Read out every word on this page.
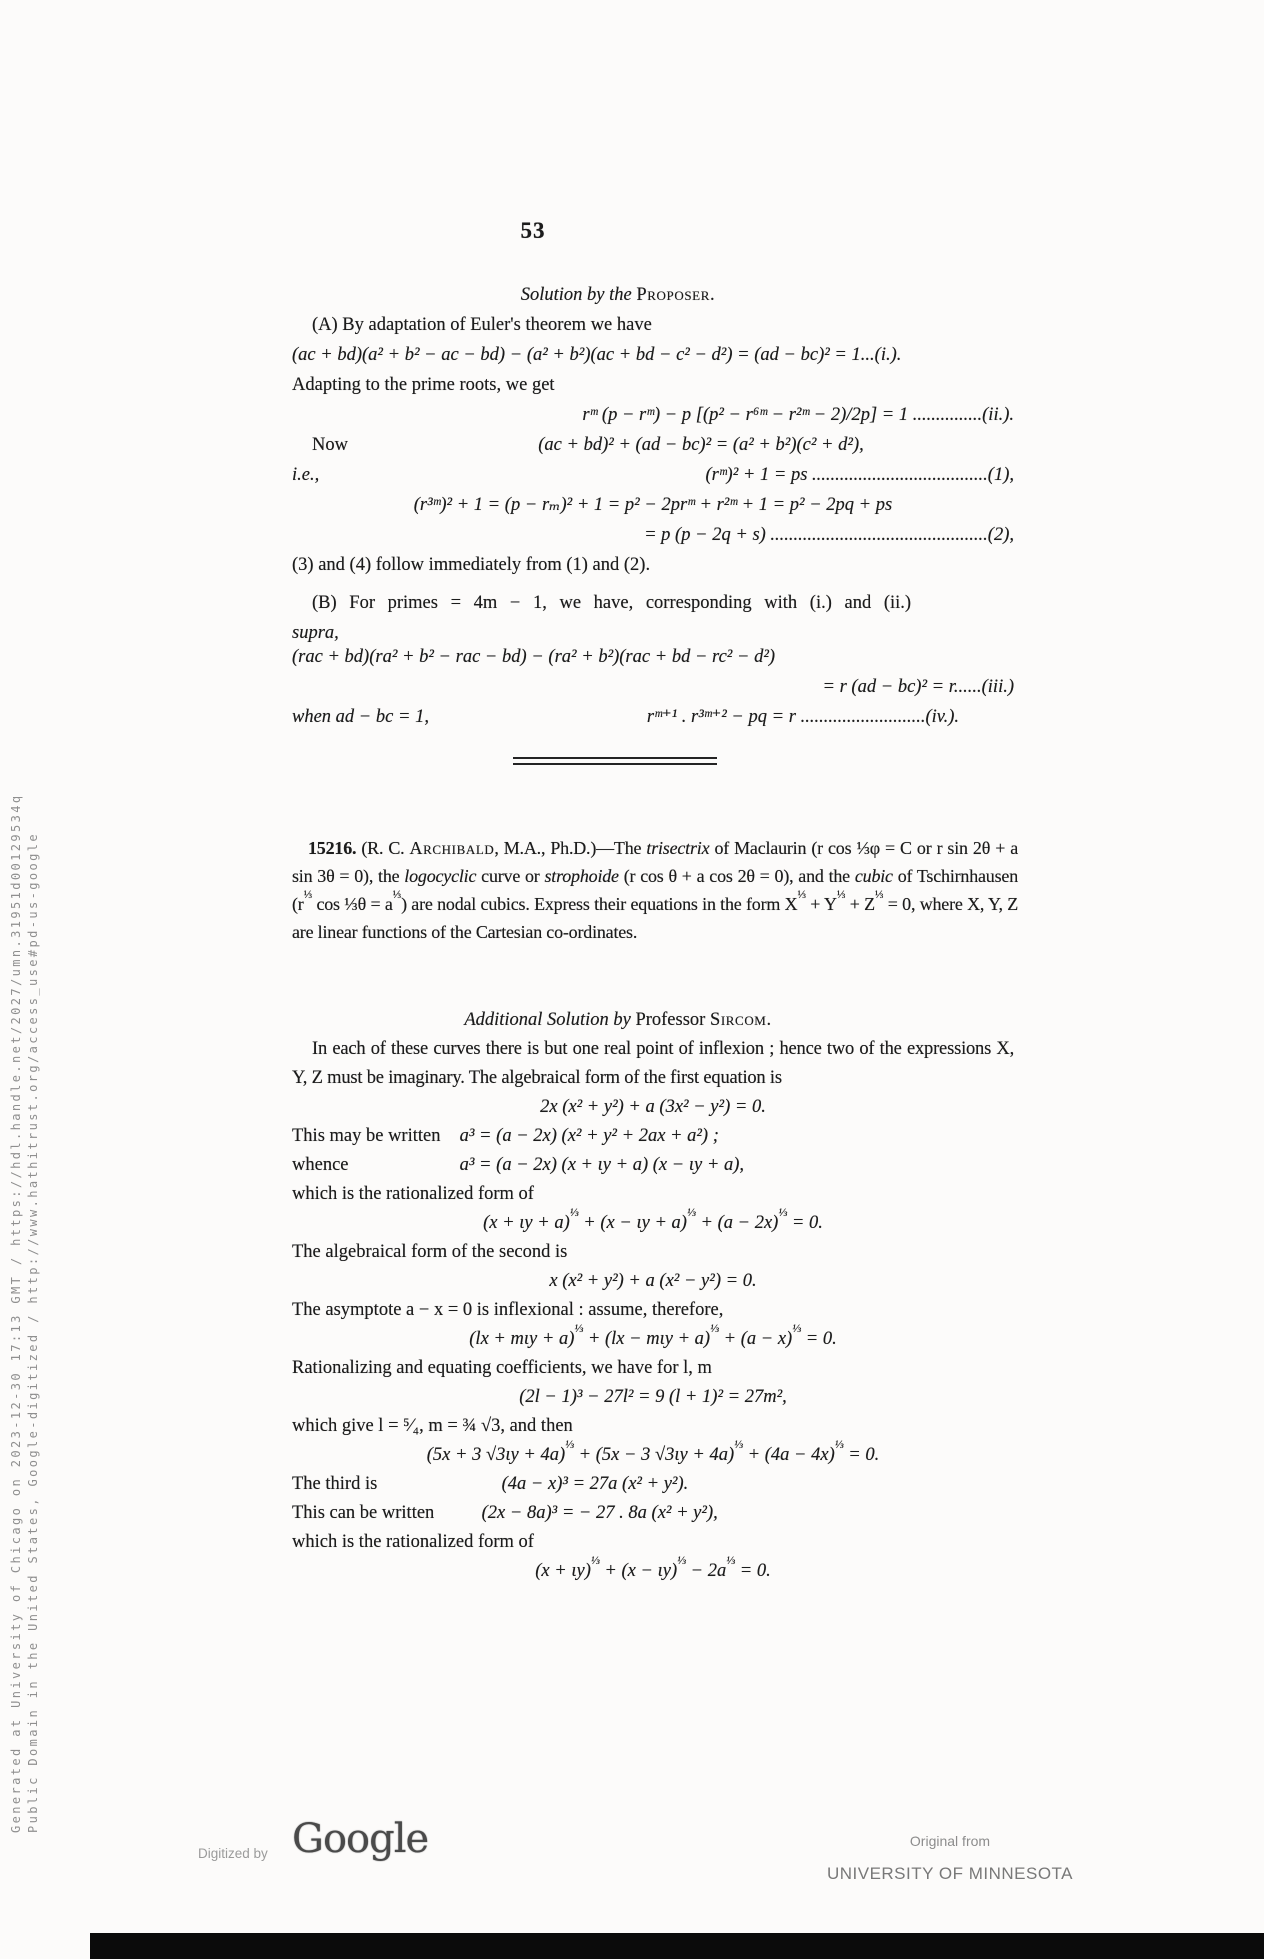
Generated at University of Chicago on 2023-12-30 17:13 GMT / https://hdl.handle.net/2027/umn.31951d00129534q Public Domain in the United States, Google-digitized / http://www.hathitrust.org/access_use#pd-us-google
53
Solution by the Proposer.
(A) By adaptation of Euler's theorem we have
(ac + bd)(a² + b² − ac − bd) − (a² + b²)(ac + bd − c² − d²) = (ad − bc)² = 1...(i.).
Adapting to the prime roots, we get
rᵐ (p − rᵐ) − p [(p² − r⁶ᵐ − r²ᵐ − 2)/2p] = 1 ...............(ii.).
Now	(ac + bd)² + (ad − bc)² = (a² + b²)(c² + d²),
i.e.,	(rᵐ)² + 1 = ps ......................................(1),
(r³ᵐ)² + 1 = (p − rₘ)² + 1 = p² − 2prᵐ + r²ᵐ + 1 = p² − 2pq + ps
= p (p − 2q + s) ...............................................(2),
(3) and (4) follow immediately from (1) and (2).
(B) For primes = 4m − 1, we have, corresponding with (i.) and (ii.)
supra,
(rac + bd)(ra² + b² − rac − bd) − (ra² + b²)(rac + bd − rc² − d²)
= r (ad − bc)² = r......(iii.)
when ad − bc = 1,	rᵐ⁺¹ . r³ᵐ⁺² − pq = r ...........................(iv.).
15216. (R. C. Archibald, M.A., Ph.D.)—The trisectrix of Maclaurin (r cos ⅓φ = C or r sin 2θ + a sin 3θ = 0), the logocyclic curve or strophoide (r cos θ + a cos 2θ = 0), and the cubic of Tschirnhausen ($r^{\frac{1}{3}}$ cos ⅓θ = $a^{\frac{1}{3}}$) are nodal cubics. Express their equations in the form $X^{\frac{1}{3}} + Y^{\frac{1}{3}} + Z^{\frac{1}{3}} = 0$, where X, Y, Z are linear functions of the Cartesian co-ordinates.
Additional Solution by Professor Sircom.
In each of these curves there is but one real point of inflexion ; hence two of the expressions X, Y, Z must be imaginary. The algebraical form of the first equation is
2x (x² + y²) + a (3x² − y²) = 0.
This may be written a³ = (a − 2x) (x² + y² + 2ax + a²) ;
whence	a³ = (a − 2x) (x + ιy + a) (x − ιy + a),
which is the rationalized form of
$(x + \iota y + a)^{\frac{1}{3}} + (x - \iota y + a)^{\frac{1}{3}} + (a - 2x)^{\frac{1}{3}} = 0$.
The algebraical form of the second is
x (x² + y²) + a (x² − y²) = 0.
The asymptote a − x = 0 is inflexional : assume, therefore,
$(lx + m\iota y + a)^{\frac{1}{3}} + (lx - m\iota y + a)^{\frac{1}{3}} + (a - x)^{\frac{1}{3}} = 0$.
Rationalizing and equating coefficients, we have for l, m
(2l − 1)³ − 27l² = 9 (l + 1)² = 27m²,
which give l = ⁵⁄₄, m = ¾ √3, and then
(5x + 3 √3ιy + 4a)$^{\frac{1}{3}}$ + (5x − 3 $√3\iota y + 4a)^{\frac{1}{3}} + (4a - 4x)^{\frac{1}{3}} = 0$.
The third is	(4a − x)³ = 27a (x² + y²).
This can be written	(2x − 8a)³ = − 27 . 8a (x² + y²),
which is the rationalized form of
$(x + \iota y)^{\frac{1}{3}} + (x - \iota y)^{\frac{1}{3}} - 2a^{\frac{1}{3}} = 0$.
Digitized by Google	Original from
UNIVERSITY OF MINNESOTA
